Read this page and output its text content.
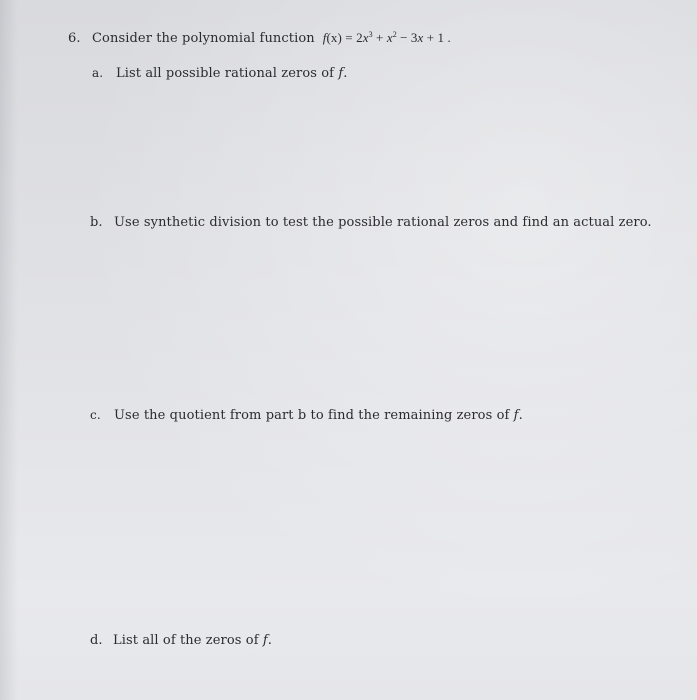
6. Consider the polynomial function $f(x) = 2x^3 + x^2 - 3x + 1$ .
a. List all possible rational zeros of f.
b. Use synthetic division to test the possible rational zeros and find an actual zero.
c. Use the quotient from part b to find the remaining zeros of f.
d. List all of the zeros of f.
